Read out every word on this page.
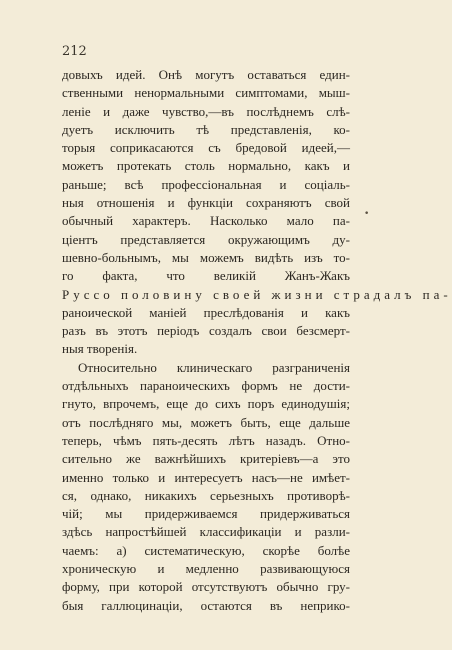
212
довыхъ идей. Онѣ могутъ оставаться един-
ственными ненормальными симптомами, мыш-
леніе и даже чувство,—въ послѣднемъ слѣ-
дуетъ исключить тѣ представленія, ко-
торыя соприкасаются съ бредовой идеей,—
можетъ протекать столь нормально, какъ и
раньше; всѣ профессіональная и соціаль-
ныя отношенія и функціи сохраняютъ свой
обычный характеръ. Насколько мало па-
ціентъ представляется окружающимъ ду-
шевно-больнымъ, мы можемъ видѣть изъ то-
го факта, что великій Жанъ-Жакъ
Руссо половину своей жизни страдалъ па-
раноической маніей преслѣдованія и какъ
разъ въ этотъ періодъ создалъ свои безсмерт-
ныя творенія.
Относительно клиническаго разграниченія
отдѣльныхъ параноическихъ формъ не дости-
гнуто, впрочемъ, еще до сихъ поръ единодушія;
отъ послѣдняго мы, можетъ быть, еще дальше
теперь, чѣмъ пять-десять лѣтъ назадъ. Отно-
сительно же важнѣйшихъ критеріевъ—а это
именно только и интересуетъ насъ—не имѣет-
ся, однако, никакихъ серьезныхъ противорѣ-
чій; мы придерживаемся придерживаться
здѣсь напростѣйшей классификаціи и разли-
чаемъ: а) систематическую, скорѣе болѣе
хроническую и медленно развивающуюся
форму, при которой отсутствуютъ обычно гру-
быя галлюцинаціи, остаются въ неприко-
•
